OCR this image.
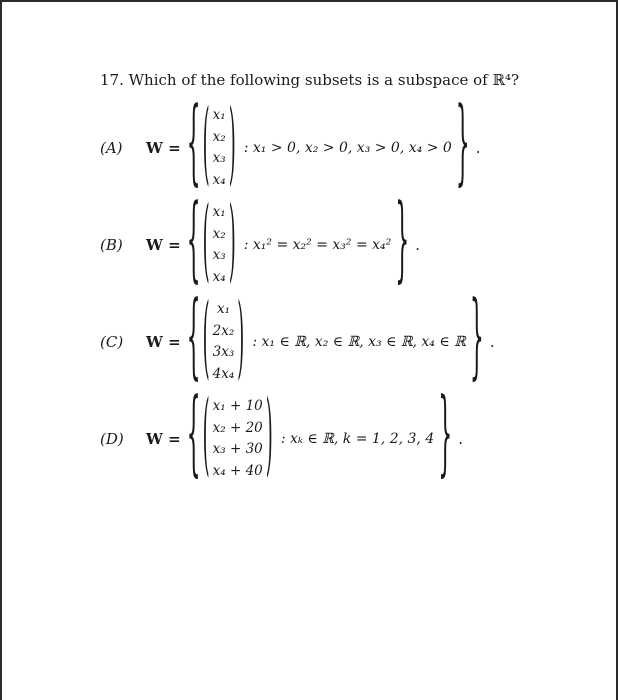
17. Which of the following subsets is a subspace of ℝ⁴?
(A)	W = { ( x₁
x₂
x₃
x₄ ) : x₁ > 0, x₂ > 0, x₃ > 0, x₄ > 0 } .
(B)	W = { ( x₁
x₂
x₃
x₄ ) : x₁² = x₂² = x₃² = x₄² } .
(C)	W = { ( x₁
2x₂
3x₃
4x₄ ) : x₁ ∈ ℝ, x₂ ∈ ℝ, x₃ ∈ ℝ, x₄ ∈ ℝ } .
(D)	W = { ( x₁ + 10
x₂ + 20
x₃ + 30
x₄ + 40 ) : xₖ ∈ ℝ, k = 1, 2, 3, 4 } .
